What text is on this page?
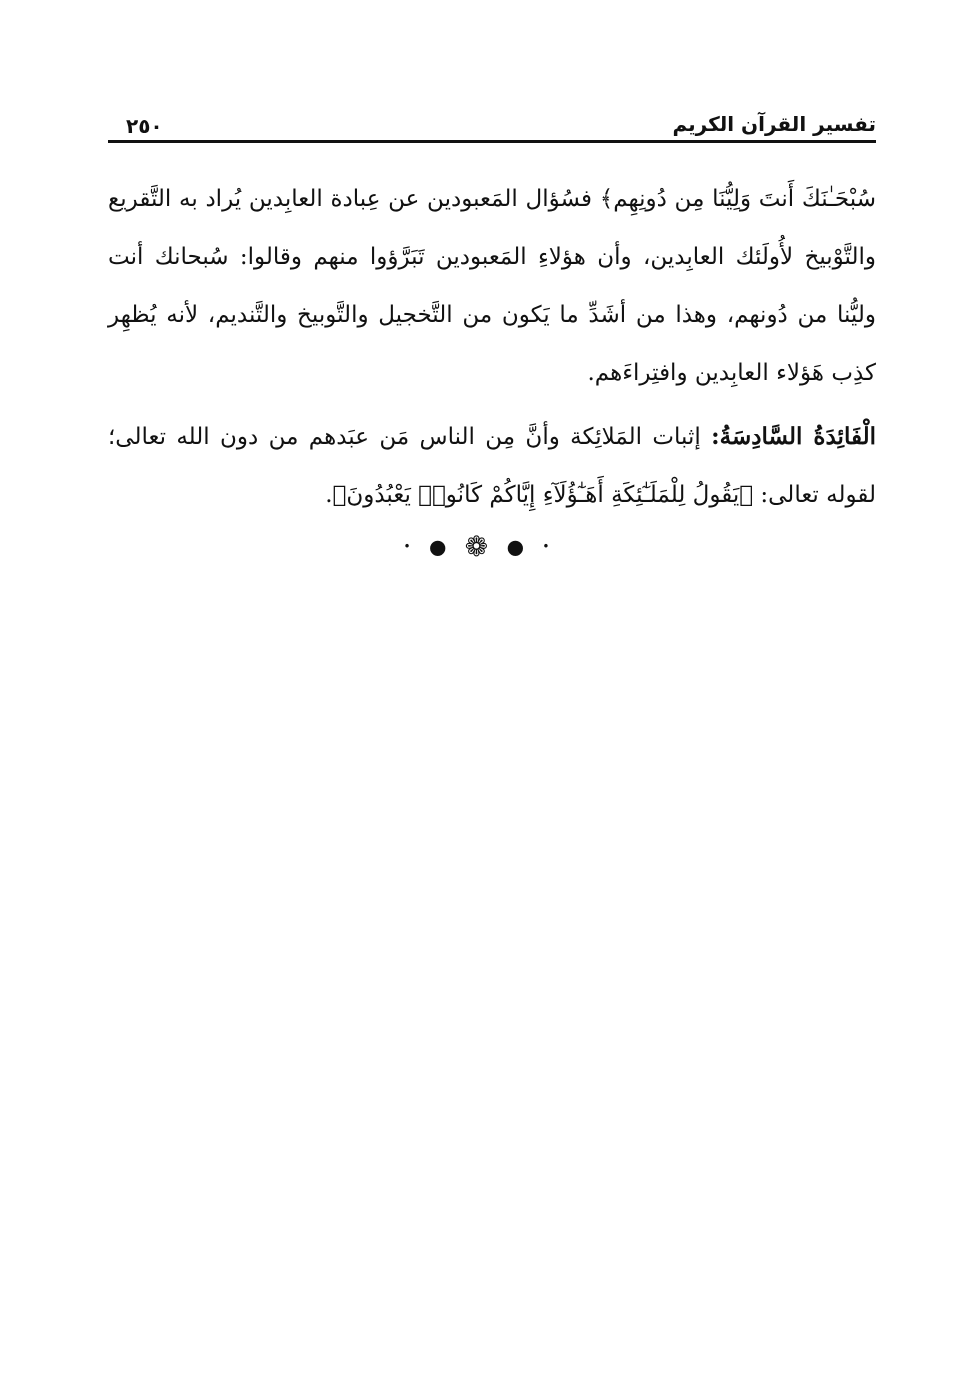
٢٥٠	تفسير القرآن الكريم

سُبْحَـٰنَكَ أَنتَ وَلِيُّنَا مِن دُونِهِم﴾ فسُؤال المَعبودين عن عِبادة العابِدين يُراد به التَّقريع والتَّوْبيخ لأُولَئك العابِدين، وأن هؤلاءِ المَعبودين تَبَرَّؤوا منهم وقالوا: سُبحانك أنت وليُّنا من دُونهم، وهذا من أشَدِّ ما يَكون من التَّخجيل والتَّوبيخ والتَّنديم، لأنه يُظهِر كذِب هَؤلاء العابِدين وافتِراءَهم.

الْفَائِدَةُ السَّادِسَةُ: إثبات المَلائِكة وأنَّ مِن الناس مَن عبَدهم من دون الله تعالى؛ لقوله تعالى: ﴿يَقُولُ لِلْمَلَـٰٓئِكَةِ أَهَـٰٓؤُلَآءِ إِيَّاكُمْ كَانُوا۟ يَعْبُدُونَ﴾.

• ● ❁ ● •
